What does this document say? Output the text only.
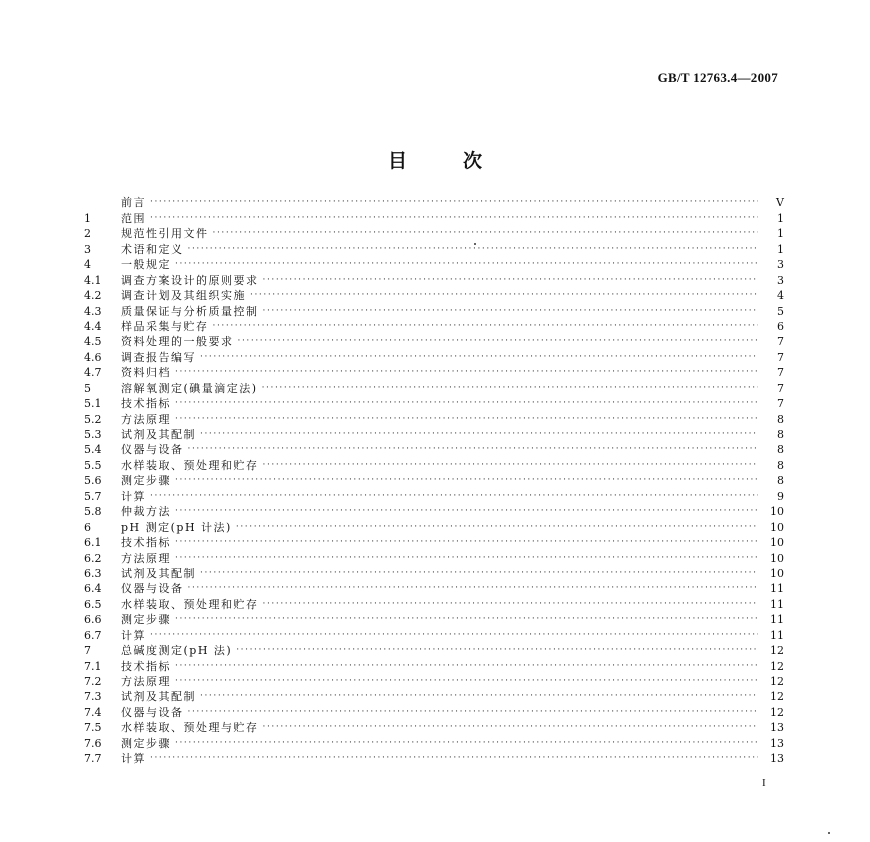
GB/T 12763.4—2007
目次
前言 ·····	V
1	范围 ·····	1
2	规范性引用文件 ·····	1
3	术语和定义 ·····	1
4	一般规定 ·····	3
4.1	调查方案设计的原则要求 ·····	3
4.2	调查计划及其组织实施 ·····	4
4.3	质量保证与分析质量控制 ·····	5
4.4	样品采集与贮存 ·····	6
4.5	资料处理的一般要求 ·····	7
4.6	调查报告编写 ·····	7
4.7	资料归档 ·····	7
5	溶解氧测定(碘量滴定法) ·····	7
5.1	技术指标 ·····	7
5.2	方法原理 ·····	8
5.3	试剂及其配制 ·····	8
5.4	仪器与设备 ·····	8
5.5	水样装取、预处理和贮存 ·····	8
5.6	测定步骤 ·····	8
5.7	计算 ·····	9
5.8	仲裁方法 ·····	10
6	pH 测定(pH 计法) ·····	10
6.1	技术指标 ·····	10
6.2	方法原理 ·····	10
6.3	试剂及其配制 ·····	10
6.4	仪器与设备 ·····	11
6.5	水样装取、预处理和贮存 ·····	11
6.6	测定步骤 ·····	11
6.7	计算 ·····	11
7	总碱度测定(pH 法) ·····	12
7.1	技术指标 ·····	12
7.2	方法原理 ·····	12
7.3	试剂及其配制 ·····	12
7.4	仪器与设备 ·····	12
7.5	水样装取、预处理与贮存 ·····	13
7.6	测定步骤 ·····	13
7.7	计算 ·····	13
I
